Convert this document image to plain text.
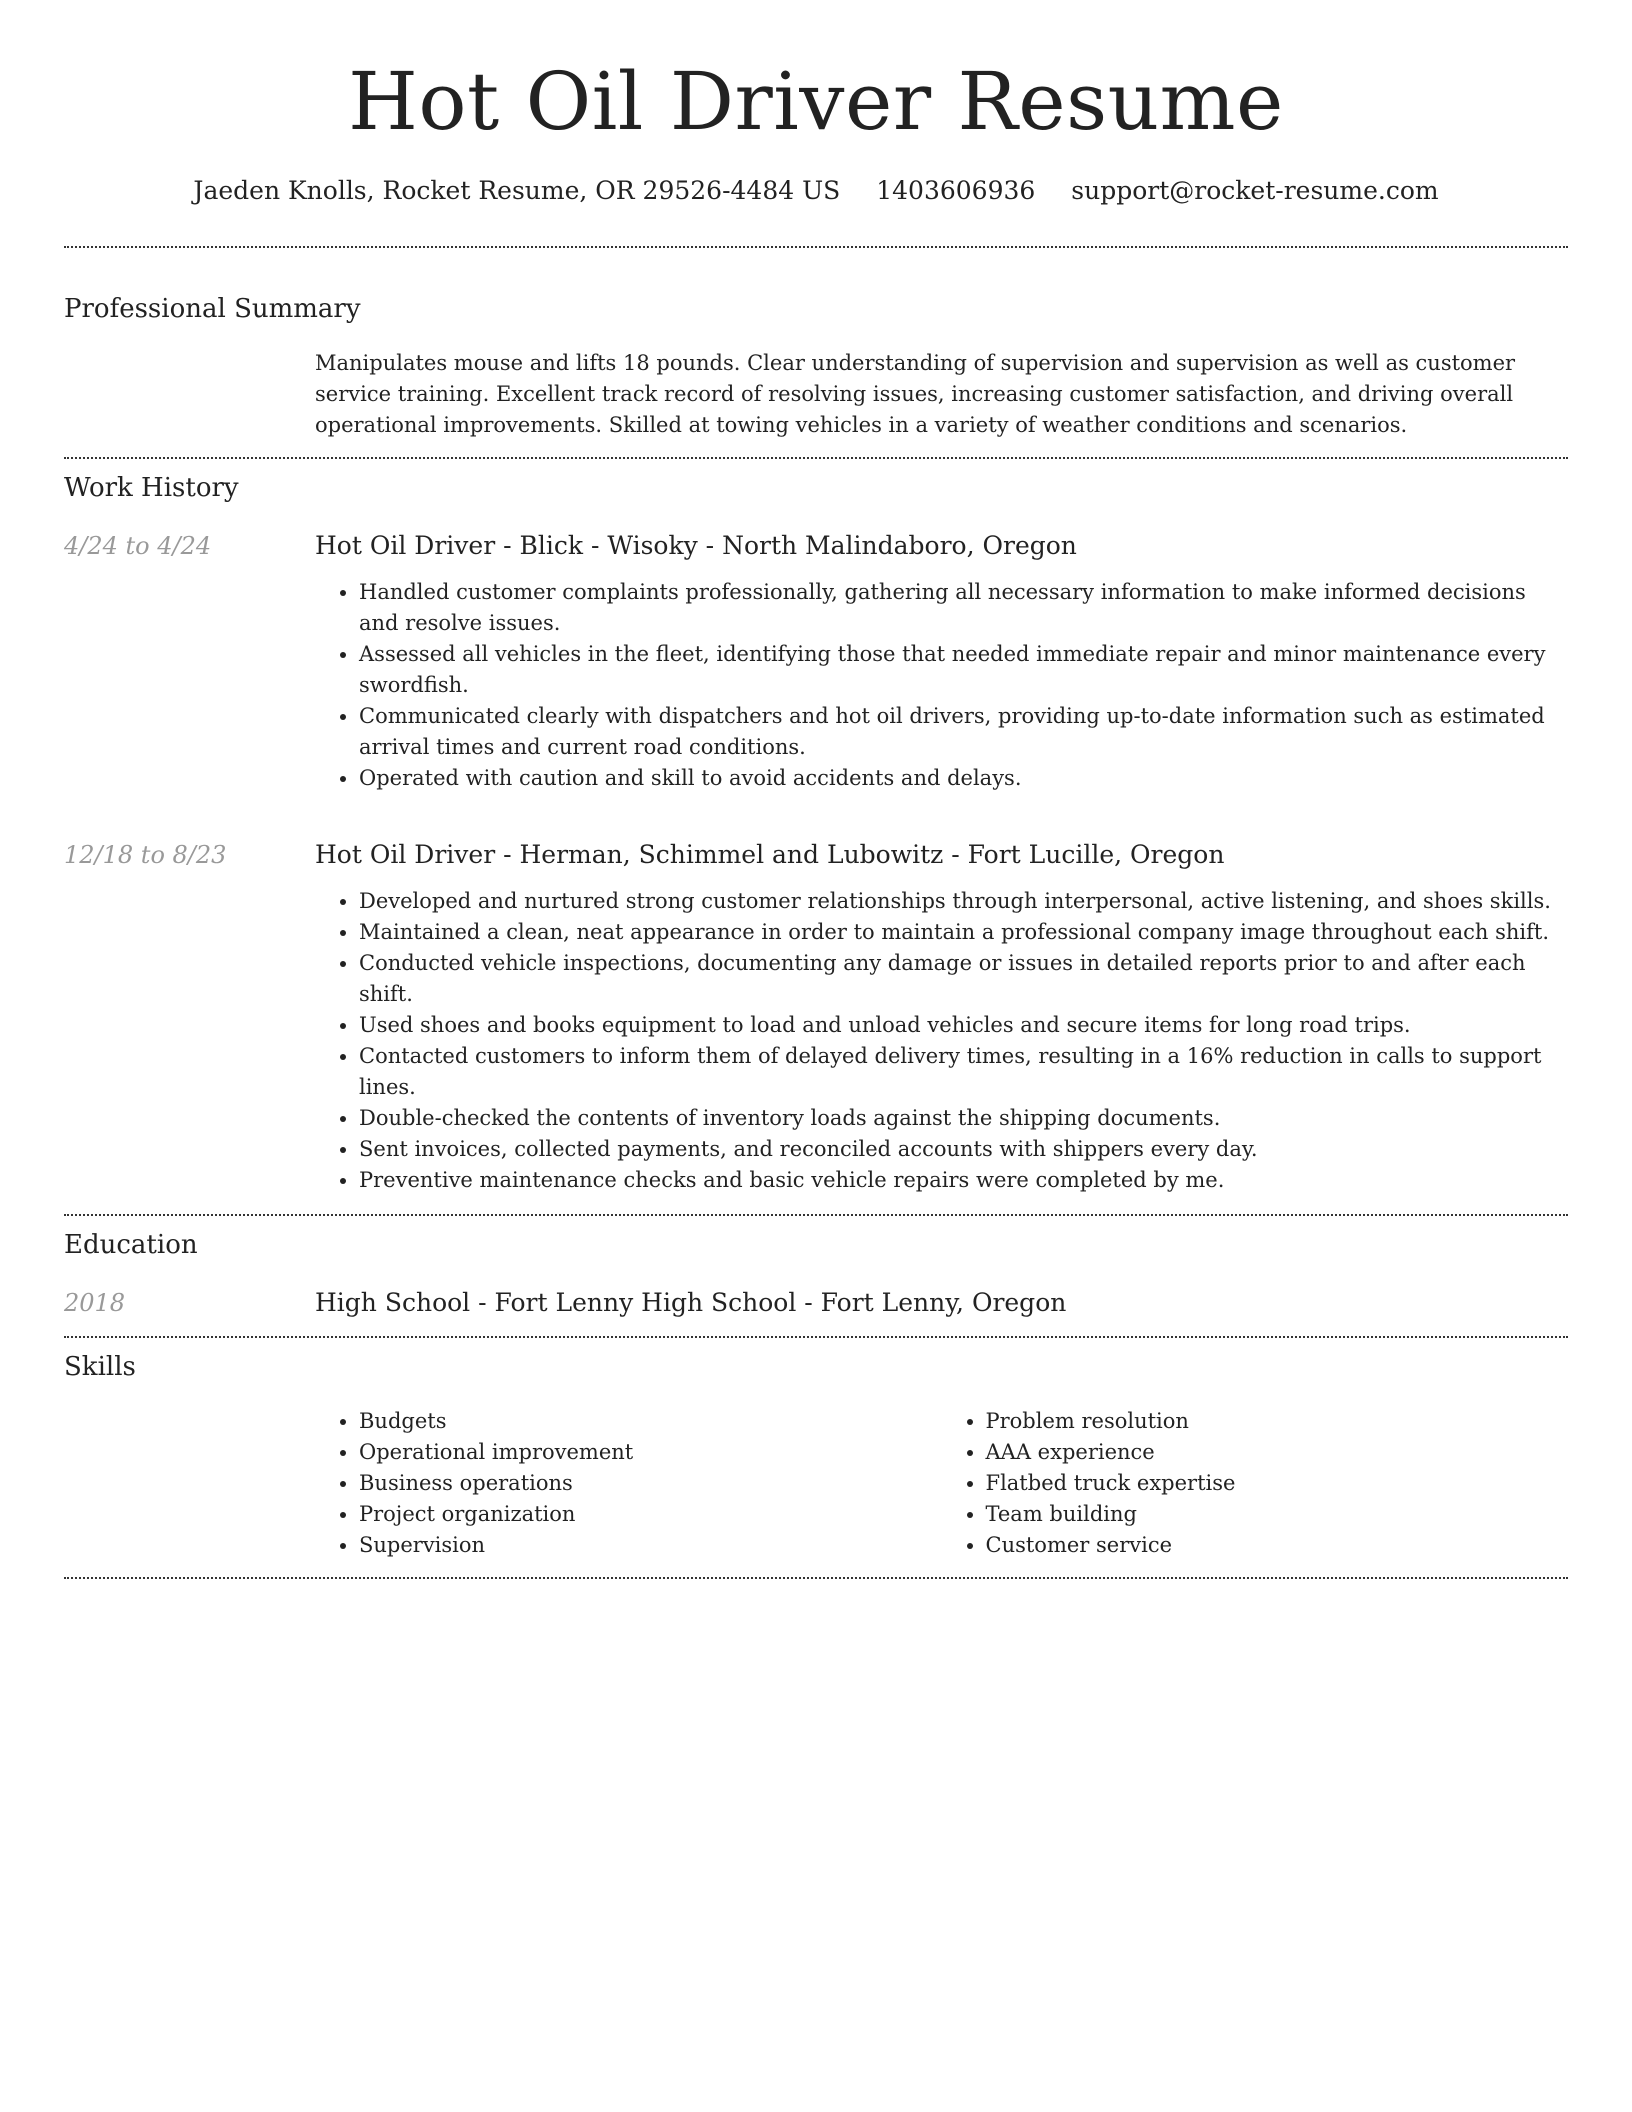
Hot Oil Driver Resume
Jaeden Knolls, Rocket Resume, OR 29526-4484 US 1403606936 support@rocket-resume.com
Professional Summary

Manipulates mouse and lifts 18 pounds. Clear understanding of supervision and supervision as well as customer service training. Excellent track record of resolving issues, increasing customer satisfaction, and driving overall operational improvements. Skilled at towing vehicles in a variety of weather conditions and scenarios.

Work History
4/24 to 4/24	Hot Oil Driver - Blick - Wisoky - North Malindaboro, Oregon
• Handled customer complaints professionally, gathering all necessary information to make informed decisions and resolve issues.
• Assessed all vehicles in the fleet, identifying those that needed immediate repair and minor maintenance every swordfish.
• Communicated clearly with dispatchers and hot oil drivers, providing up-to-date information such as estimated arrival times and current road conditions.
• Operated with caution and skill to avoid accidents and delays.
12/18 to 8/23	Hot Oil Driver - Herman, Schimmel and Lubowitz - Fort Lucille, Oregon
• Developed and nurtured strong customer relationships through interpersonal, active listening, and shoes skills.
• Maintained a clean, neat appearance in order to maintain a professional company image throughout each shift.
• Conducted vehicle inspections, documenting any damage or issues in detailed reports prior to and after each shift.
• Used shoes and books equipment to load and unload vehicles and secure items for long road trips.
• Contacted customers to inform them of delayed delivery times, resulting in a 16% reduction in calls to support lines.
• Double-checked the contents of inventory loads against the shipping documents.
• Sent invoices, collected payments, and reconciled accounts with shippers every day.
• Preventive maintenance checks and basic vehicle repairs were completed by me.
Education
2018	High School - Fort Lenny High School - Fort Lenny, Oregon
Skills
• Budgets
• Operational improvement
• Business operations
• Project organization
• Supervision
• Problem resolution
• AAA experience
• Flatbed truck expertise
• Team building
• Customer service
